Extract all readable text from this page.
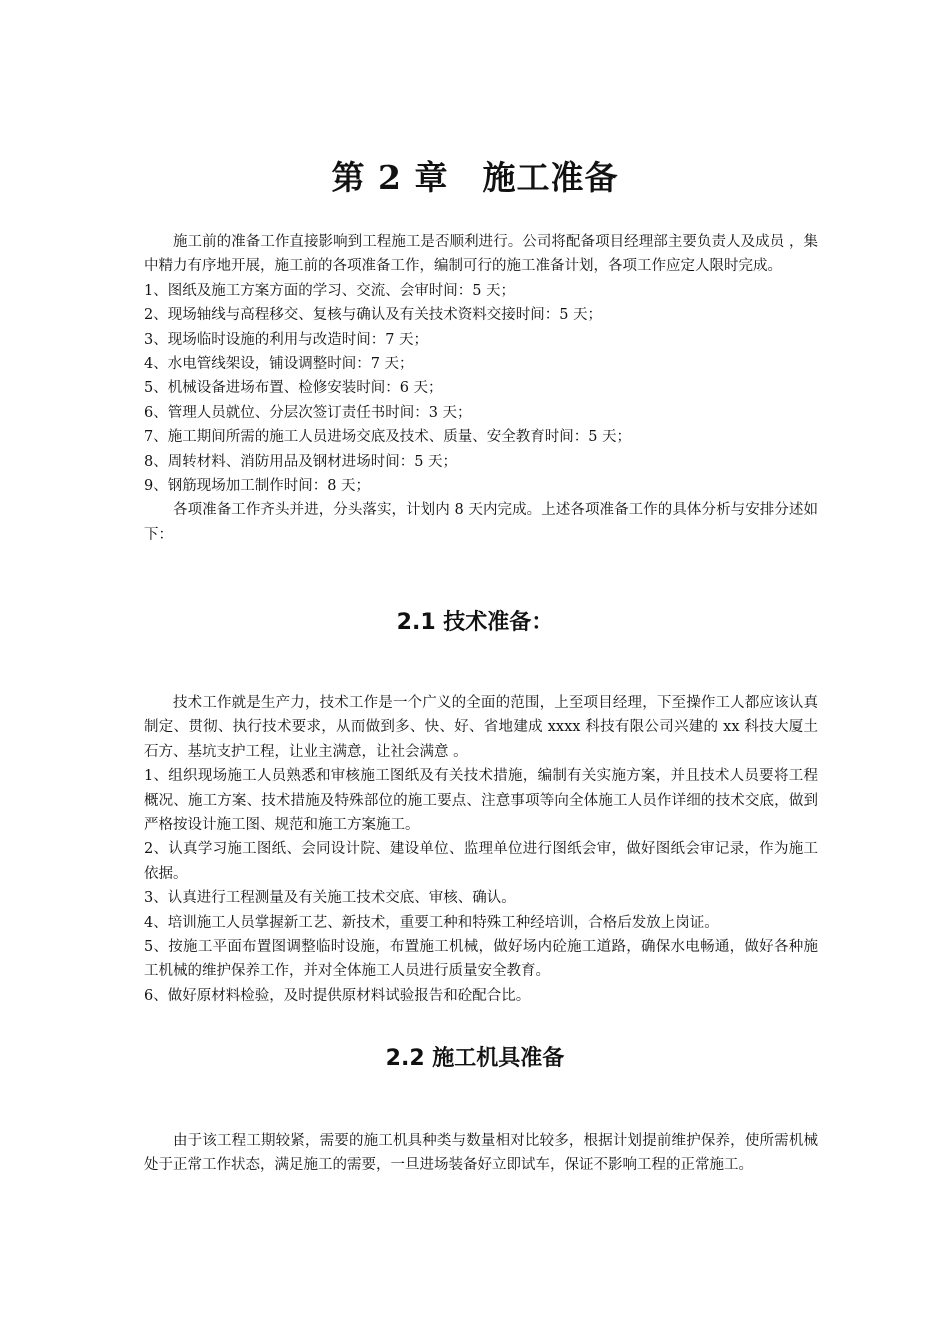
第 2 章　施工准备

施工前的准备工作直接影响到工程施工是否顺利进行。公司将配备项目经理部主要负责人及成员 ，集中精力有序地开展，施工前的各项准备工作，编制可行的施工准备计划，各项工作应定人限时完成。

1、图纸及施工方案方面的学习、交流、会审时间：5 天；

2、现场轴线与高程移交、复核与确认及有关技术资料交接时间：5 天；

3、现场临时设施的利用与改造时间：7 天；

4、水电管线架设，铺设调整时间：7 天；

5、机械设备进场布置、检修安装时间：6 天；

6、管理人员就位、分层次签订责任书时间：3 天；

7、施工期间所需的施工人员进场交底及技术、质量、安全教育时间：5 天；

8、周转材料、消防用品及钢材进场时间：5 天；

9、钢筋现场加工制作时间：8 天；

各项准备工作齐头并进，分头落实，计划内 8 天内完成。上述各项准备工作的具体分析与安排分述如下：

2.1 技术准备：

技术工作就是生产力，技术工作是一个广义的全面的范围，上至项目经理，下至操作工人都应该认真制定、贯彻、执行技术要求，从而做到多、快、好、省地建成 xxxx 科技有限公司兴建的 xx 科技大厦土石方、基坑支护工程，让业主满意，让社会满意 。

1、组织现场施工人员熟悉和审核施工图纸及有关技术措施，编制有关实施方案，并且技术人员要将工程概况、施工方案、技术措施及特殊部位的施工要点、注意事项等向全体施工人员作详细的技术交底，做到严格按设计施工图、规范和施工方案施工。

2、认真学习施工图纸、会同设计院、建设单位、监理单位进行图纸会审，做好图纸会审记录，作为施工依据。

3、认真进行工程测量及有关施工技术交底、审核、确认。

4、培训施工人员掌握新工艺、新技术，重要工种和特殊工种经培训，合格后发放上岗证。

5、按施工平面布置图调整临时设施，布置施工机械，做好场内砼施工道路，确保水电畅通，做好各种施工机械的维护保养工作，并对全体施工人员进行质量安全教育。

6、做好原材料检验，及时提供原材料试验报告和砼配合比。

2.2 施工机具准备

由于该工程工期较紧，需要的施工机具种类与数量相对比较多，根据计划提前维护保养，使所需机械处于正常工作状态，满足施工的需要，一旦进场装备好立即试车，保证不影响工程的正常施工。
